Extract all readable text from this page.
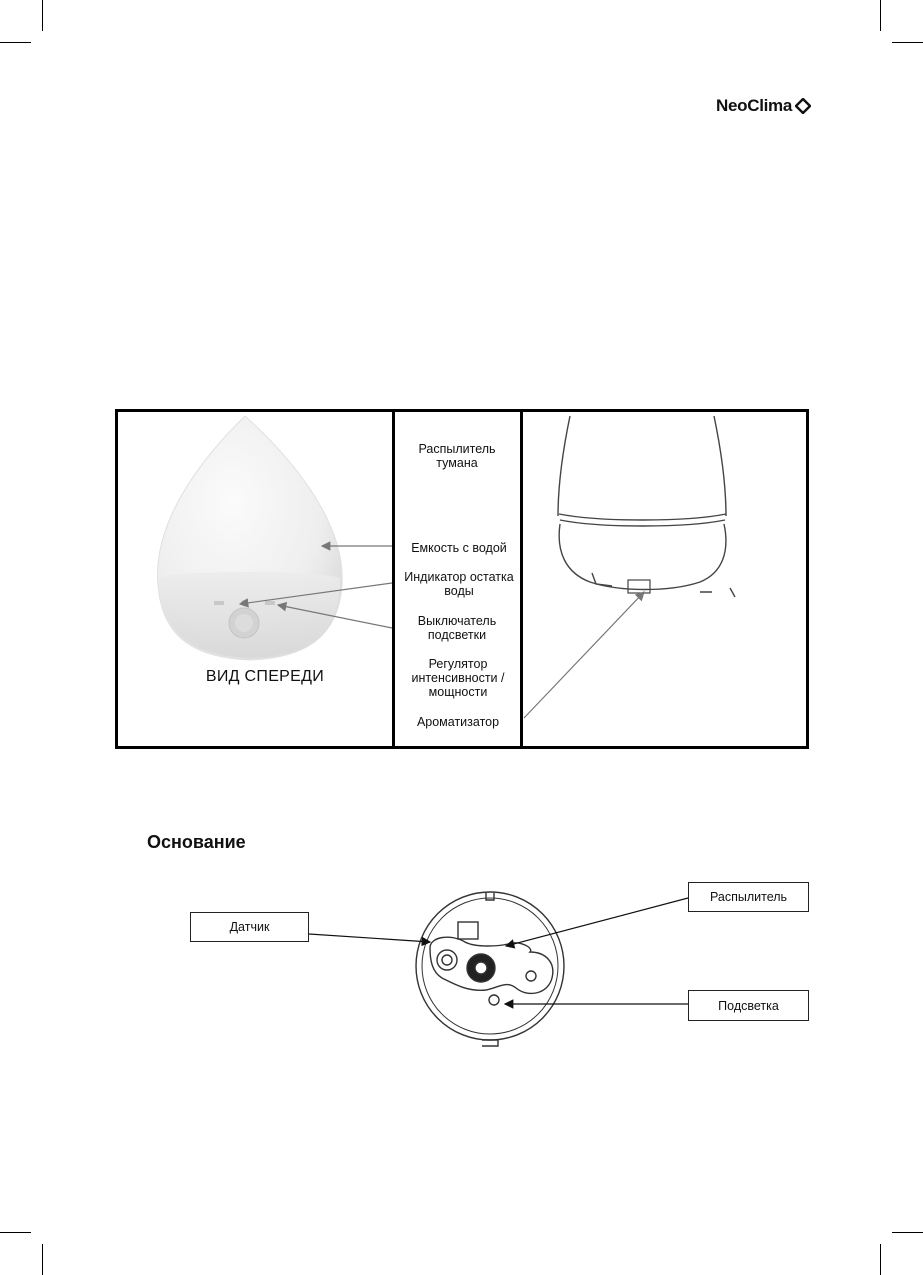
NeoClima
Распылитель тумана
Емкость с водой
Индикатор остатка воды
Выключатель подсветки
Регулятор интенсивности / мощности
Ароматизатор
ВИД СПЕРЕДИ
Основание
Датчик
Распылитель
Подсветка
